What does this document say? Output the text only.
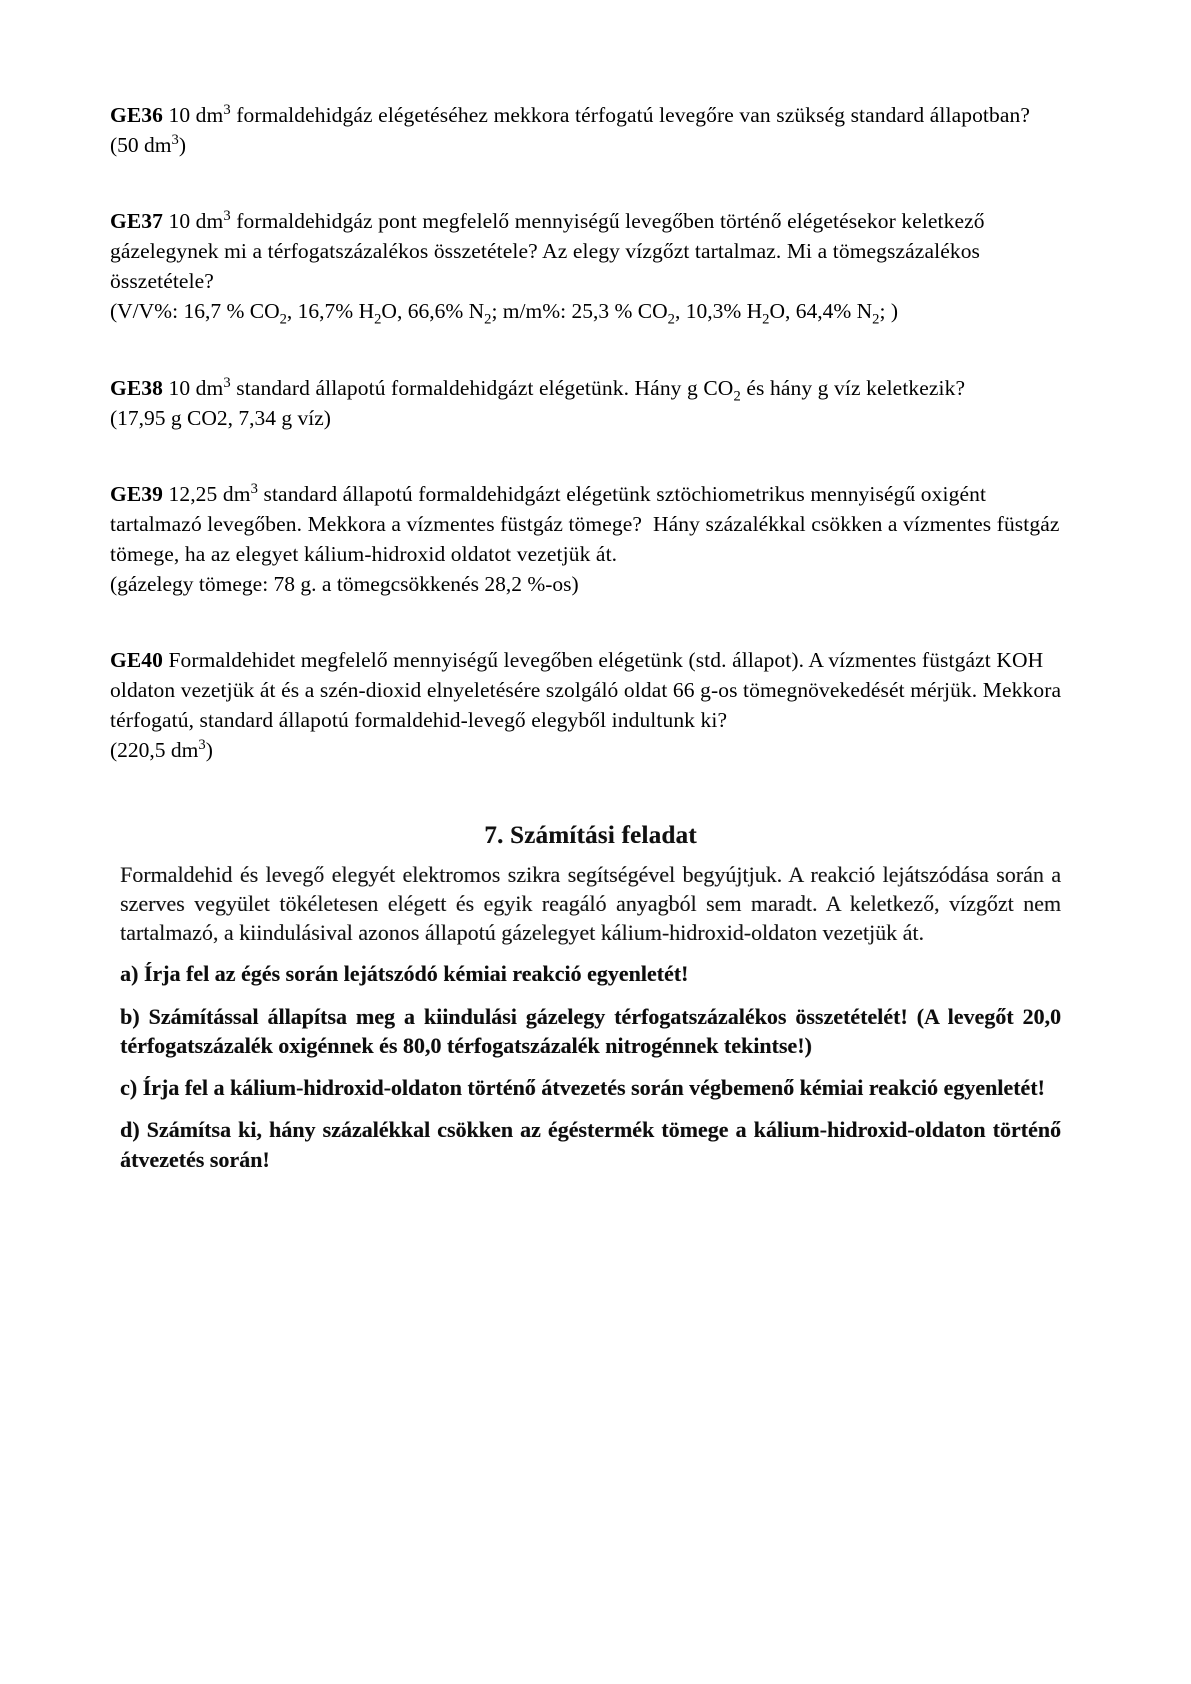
GE36 10 $dm^3$ formaldehidgáz elégetéséhez mekkora térfogatú levegőre van szükség standard állapotban?

(50 $dm^3$)

GE37 10 $dm^3$ formaldehidgáz pont megfelelő mennyiségű levegőben történő elégetésekor keletkező gázelegynek mi a térfogatszázalékos összetétele? Az elegy vízgőzt tartalmaz. Mi a tömegszázalékos összetétele?

(V/V%: 16,7 % $CO_2$, 16,7% $H_2O$, 66,6% $N_2$; m/m%: 25,3 % $CO_2$, 10,3% $H_2O$, 64,4% $N_2$; )

GE38 10 $dm^3$ standard állapotú formaldehidgázt elégetünk. Hány g $CO_2$ és hány g víz keletkezik?

(17,95 g CO2, 7,34 g víz)

GE39 12,25 $dm^3$ standard állapotú formaldehidgázt elégetünk sztöchiometrikus mennyiségű oxigént tartalmazó levegőben. Mekkora a vízmentes füstgáz tömege?  Hány százalékkal csökken a vízmentes füstgáz tömege, ha az elegyet kálium-hidroxid oldatot vezetjük át.

(gázelegy tömege: 78 g. a tömegcsökkenés 28,2 %-os)

GE40 Formaldehidet megfelelő mennyiségű levegőben elégetünk (std. állapot). A vízmentes füstgázt KOH oldaton vezetjük át és a szén-dioxid elnyeletésére szolgáló oldat 66 g-os tömegnövekedését mérjük. Mekkora térfogatú, standard állapotú formaldehid-levegő elegyből indultunk ki?

(220,5 $dm^3$)

7. Számítási feladat

Formaldehid és levegő elegyét elektromos szikra segítségével begyújtjuk. A reakció lejátszódása során a szerves vegyület tökéletesen elégett és egyik reagáló anyagból sem maradt. A keletkező, vízgőzt nem tartalmazó, a kiindulásival azonos állapotú gázelegyet kálium-hidroxid-oldaton vezetjük át.

a) Írja fel az égés során lejátszódó kémiai reakció egyenletét!

b) Számítással állapítsa meg a kiindulási gázelegy térfogatszázalékos összetételét! (A levegőt 20,0 térfogatszázalék oxigénnek és 80,0 térfogatszázalék nitrogénnek tekintse!)

c) Írja fel a kálium-hidroxid-oldaton történő átvezetés során végbemenő kémiai reakció egyenletét!

d) Számítsa ki, hány százalékkal csökken az égéstermék tömege a kálium-hidroxid-oldaton történő átvezetés során!
